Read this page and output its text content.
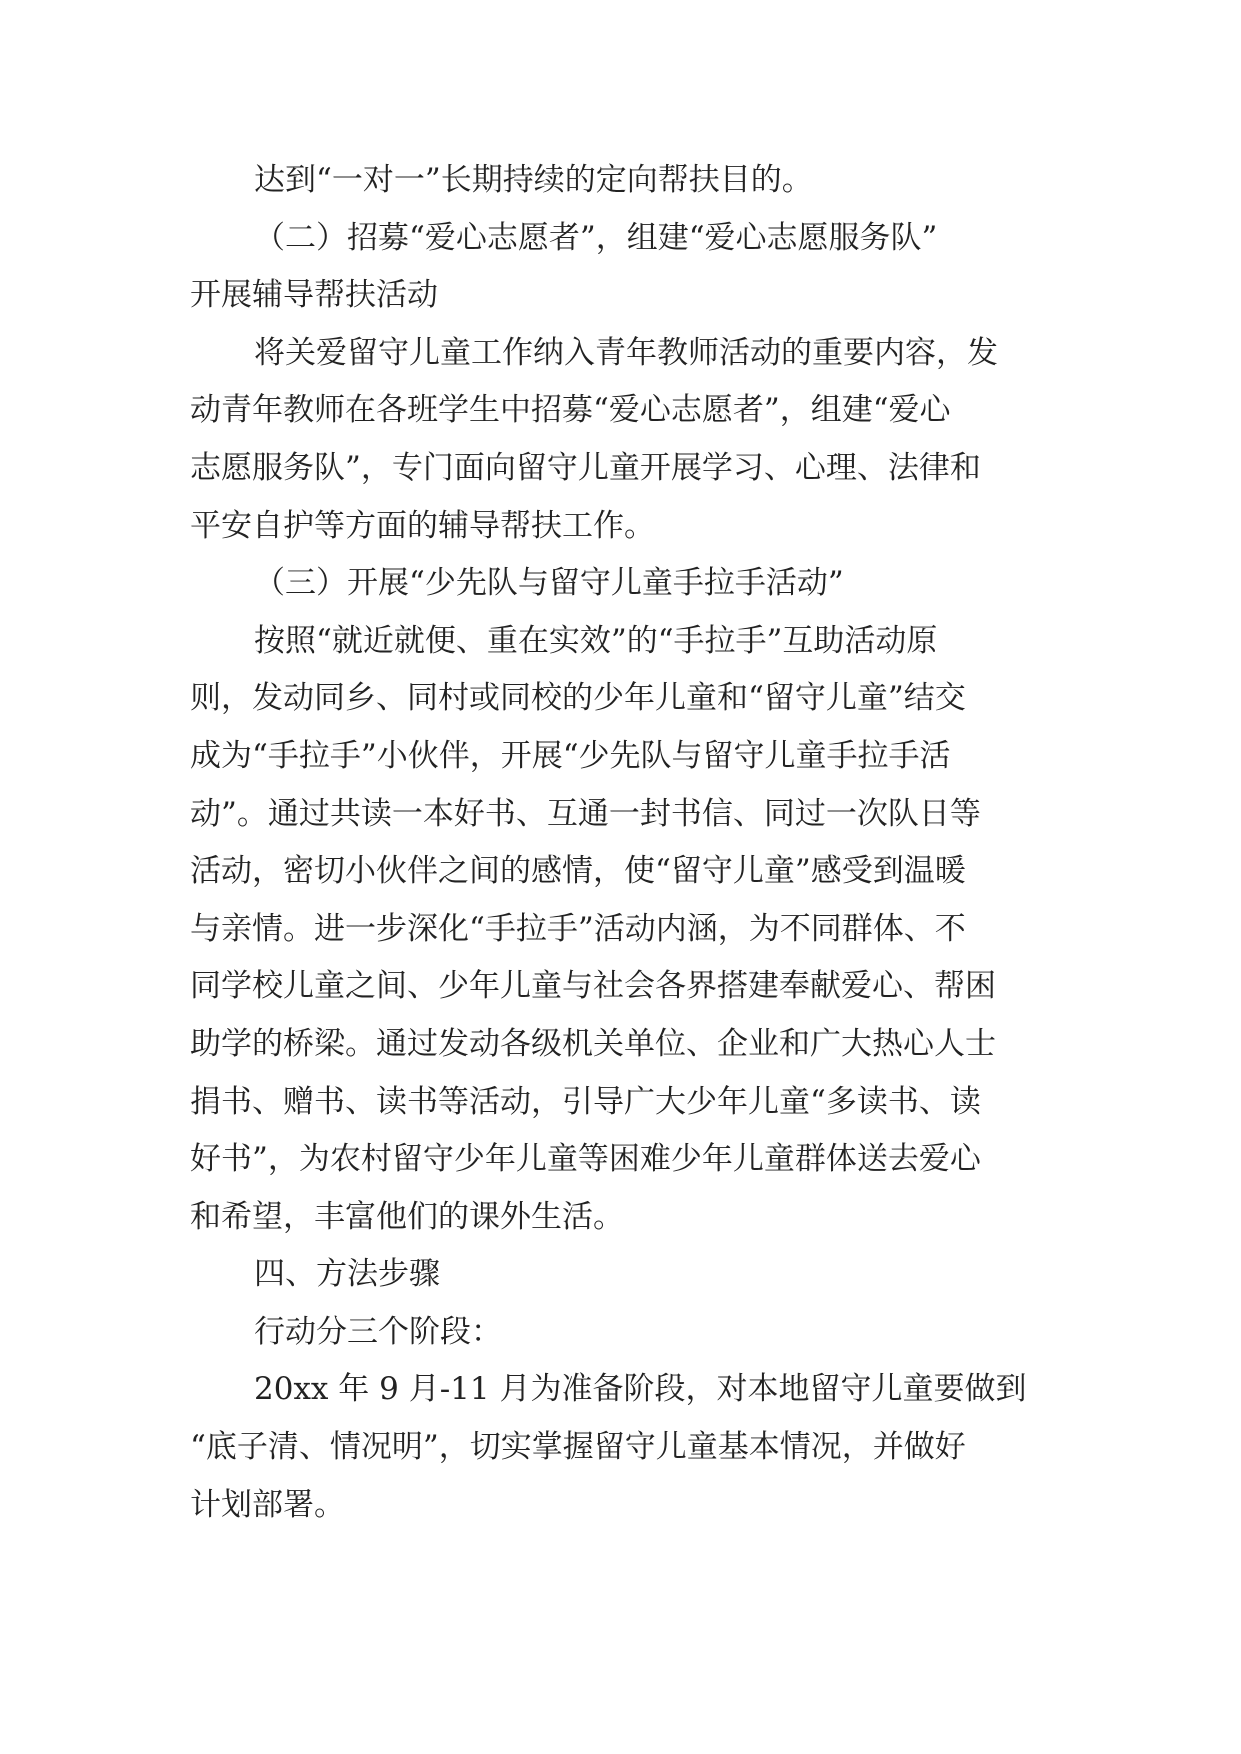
达到“一对一”长期持续的定向帮扶目的。

（二）招募“爱心志愿者”，组建“爱心志愿服务队”
开展辅导帮扶活动

将关爱留守儿童工作纳入青年教师活动的重要内容，发
动青年教师在各班学生中招募“爱心志愿者”，组建“爱心
志愿服务队”，专门面向留守儿童开展学习、心理、法律和
平安自护等方面的辅导帮扶工作。

（三）开展“少先队与留守儿童手拉手活动”

按照“就近就便、重在实效”的“手拉手”互助活动原
则，发动同乡、同村或同校的少年儿童和“留守儿童”结交
成为“手拉手”小伙伴，开展“少先队与留守儿童手拉手活
动”。通过共读一本好书、互通一封书信、同过一次队日等
活动，密切小伙伴之间的感情，使“留守儿童”感受到温暖
与亲情。进一步深化“手拉手”活动内涵，为不同群体、不
同学校儿童之间、少年儿童与社会各界搭建奉献爱心、帮困
助学的桥梁。通过发动各级机关单位、企业和广大热心人士
捐书、赠书、读书等活动，引导广大少年儿童“多读书、读
好书”，为农村留守少年儿童等困难少年儿童群体送去爱心
和希望，丰富他们的课外生活。

四、方法步骤

行动分三个阶段：

20xx 年 9 月-11 月为准备阶段，对本地留守儿童要做到
“底子清、情况明”，切实掌握留守儿童基本情况，并做好
计划部署。
